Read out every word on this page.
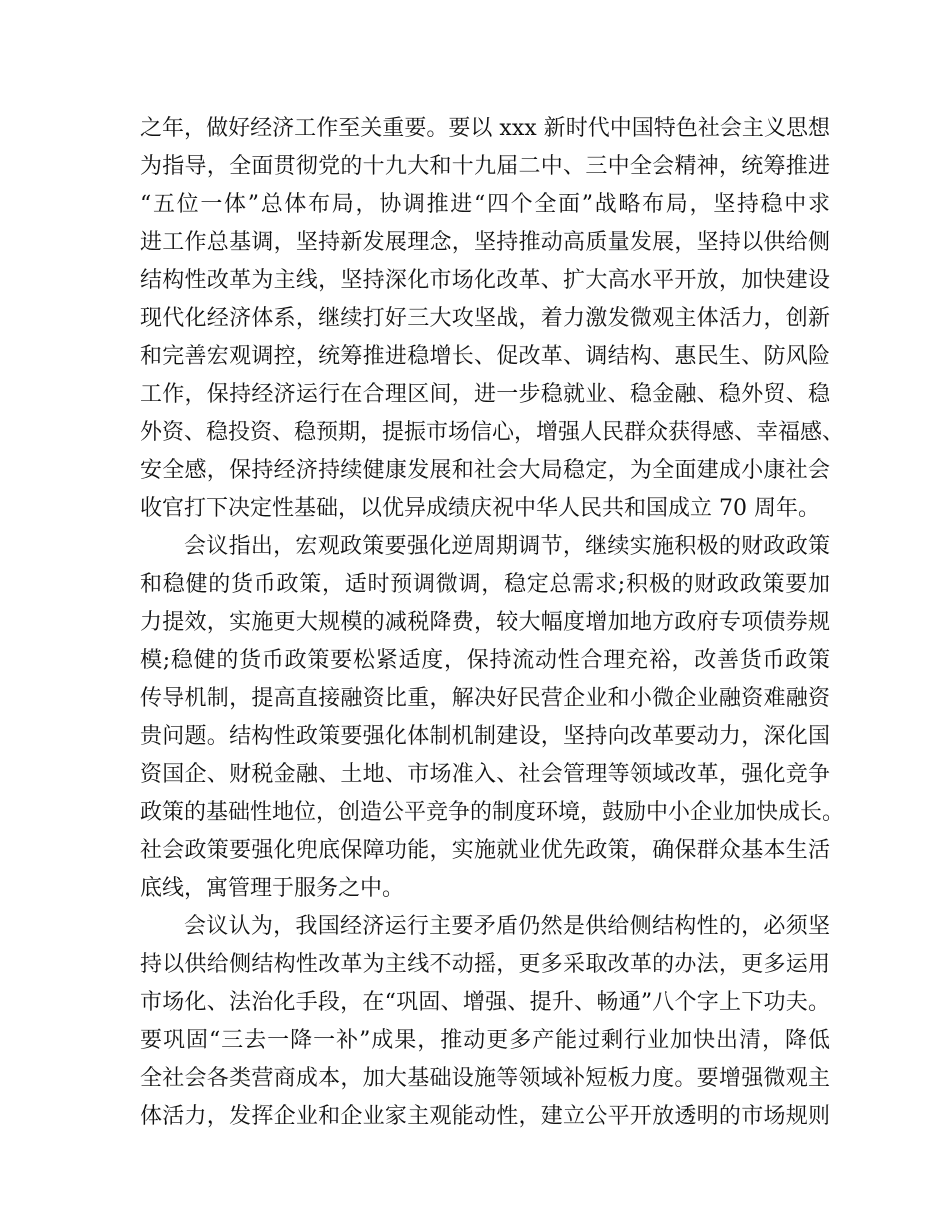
之年，做好经济工作至关重要。要以 xxx 新时代中国特色社会主义思想
为指导，全面贯彻党的十九大和十九届二中、三中全会精神，统筹推进
“五位一体”总体布局，协调推进“四个全面”战略布局，坚持稳中求
进工作总基调，坚持新发展理念，坚持推动高质量发展，坚持以供给侧
结构性改革为主线，坚持深化市场化改革、扩大高水平开放，加快建设
现代化经济体系，继续打好三大攻坚战，着力激发微观主体活力，创新
和完善宏观调控，统筹推进稳增长、促改革、调结构、惠民生、防风险
工作，保持经济运行在合理区间，进一步稳就业、稳金融、稳外贸、稳
外资、稳投资、稳预期，提振市场信心，增强人民群众获得感、幸福感、
安全感，保持经济持续健康发展和社会大局稳定，为全面建成小康社会
收官打下决定性基础，以优异成绩庆祝中华人民共和国成立 70 周年。
会议指出，宏观政策要强化逆周期调节，继续实施积极的财政政策
和稳健的货币政策，适时预调微调，稳定总需求;积极的财政政策要加
力提效，实施更大规模的减税降费，较大幅度增加地方政府专项债券规
模;稳健的货币政策要松紧适度，保持流动性合理充裕，改善货币政策
传导机制，提高直接融资比重，解决好民营企业和小微企业融资难融资
贵问题。结构性政策要强化体制机制建设，坚持向改革要动力，深化国
资国企、财税金融、土地、市场准入、社会管理等领域改革，强化竞争
政策的基础性地位，创造公平竞争的制度环境，鼓励中小企业加快成长。
社会政策要强化兜底保障功能，实施就业优先政策，确保群众基本生活
底线，寓管理于服务之中。
会议认为，我国经济运行主要矛盾仍然是供给侧结构性的，必须坚
持以供给侧结构性改革为主线不动摇，更多采取改革的办法，更多运用
市场化、法治化手段，在“巩固、增强、提升、畅通”八个字上下功夫。
要巩固“三去一降一补”成果，推动更多产能过剩行业加快出清，降低
全社会各类营商成本，加大基础设施等领域补短板力度。要增强微观主
体活力，发挥企业和企业家主观能动性，建立公平开放透明的市场规则
